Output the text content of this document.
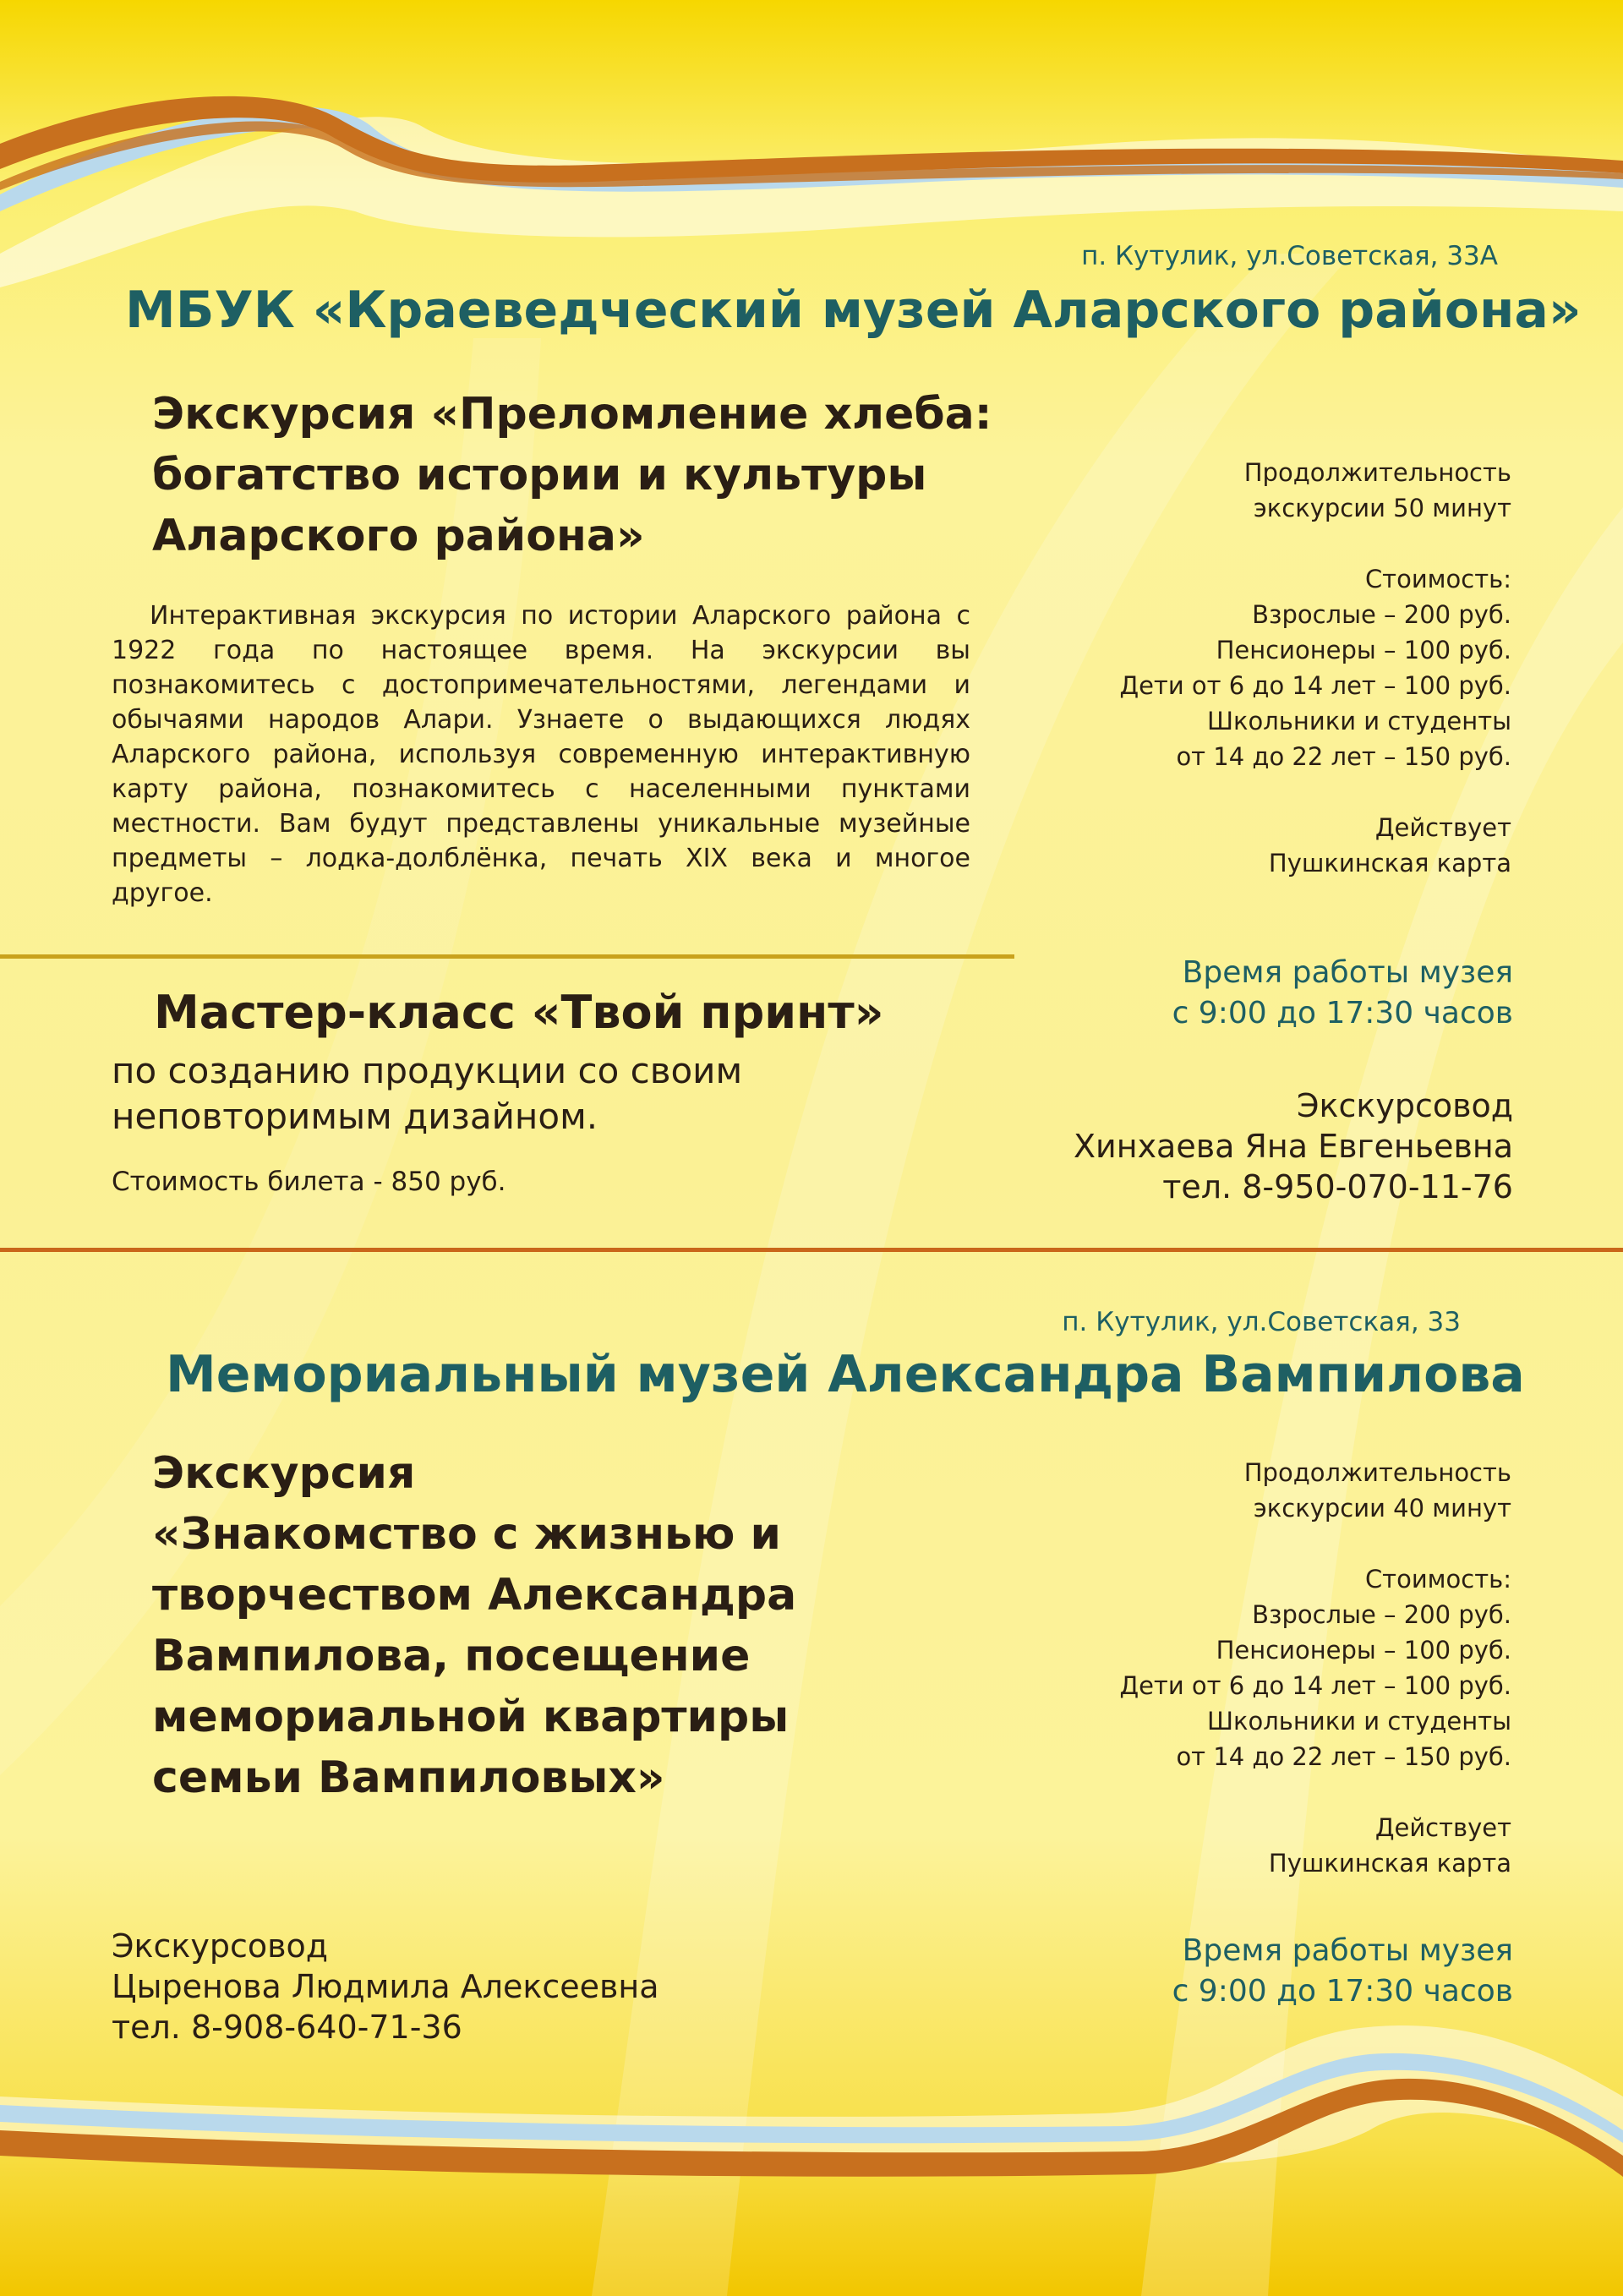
п. Кутулик, ул.Советская, 33А
МБУК «Краеведческий музей Аларского района»
Экскурсия «Преломление хлеба:
богатство истории и культуры
Аларского района»
Интерактивная экскурсия по истории Аларского района с 1922 года по настоящее время. На экскурсии вы познакомитесь с достопримечательностями, легендами и обычаями народов Алари. Узнаете о выдающихся людях Аларского района, используя современную интерактивную карту района, познакомитесь с населенными пунктами местности. Вам будут представлены уникальные музейные предметы – лодка-долблёнка, печать XIX века и многое другое.
Продолжительность
экскурсии 50 минут
Стоимость:
Взрослые – 200 руб.
Пенсионеры – 100 руб.
Дети от 6 до 14 лет – 100 руб.
Школьники и студенты
от 14 до 22 лет – 150 руб.
Действует
Пушкинская карта
Время работы музея
с 9:00 до 17:30 часов
Мастер-класс «Твой принт»
по созданию продукции со своим
неповторимым дизайном.
Стоимость билета - 850 руб.
Экскурсовод
Хинхаева Яна Евгеньевна
тел. 8-950-070-11-76
п. Кутулик, ул.Советская, 33
Мемориальный музей Александра Вампилова
Экскурсия
«Знакомство с жизнью и
творчеством Александра
Вампилова, посещение
мемориальной квартиры
семьи Вампиловых»
Продолжительность
экскурсии 40 минут
Стоимость:
Взрослые – 200 руб.
Пенсионеры – 100 руб.
Дети от 6 до 14 лет – 100 руб.
Школьники и студенты
от 14 до 22 лет – 150 руб.
Действует
Пушкинская карта
Время работы музея
с 9:00 до 17:30 часов
Экскурсовод
Цыренова Людмила Алексеевна
тел. 8-908-640-71-36
